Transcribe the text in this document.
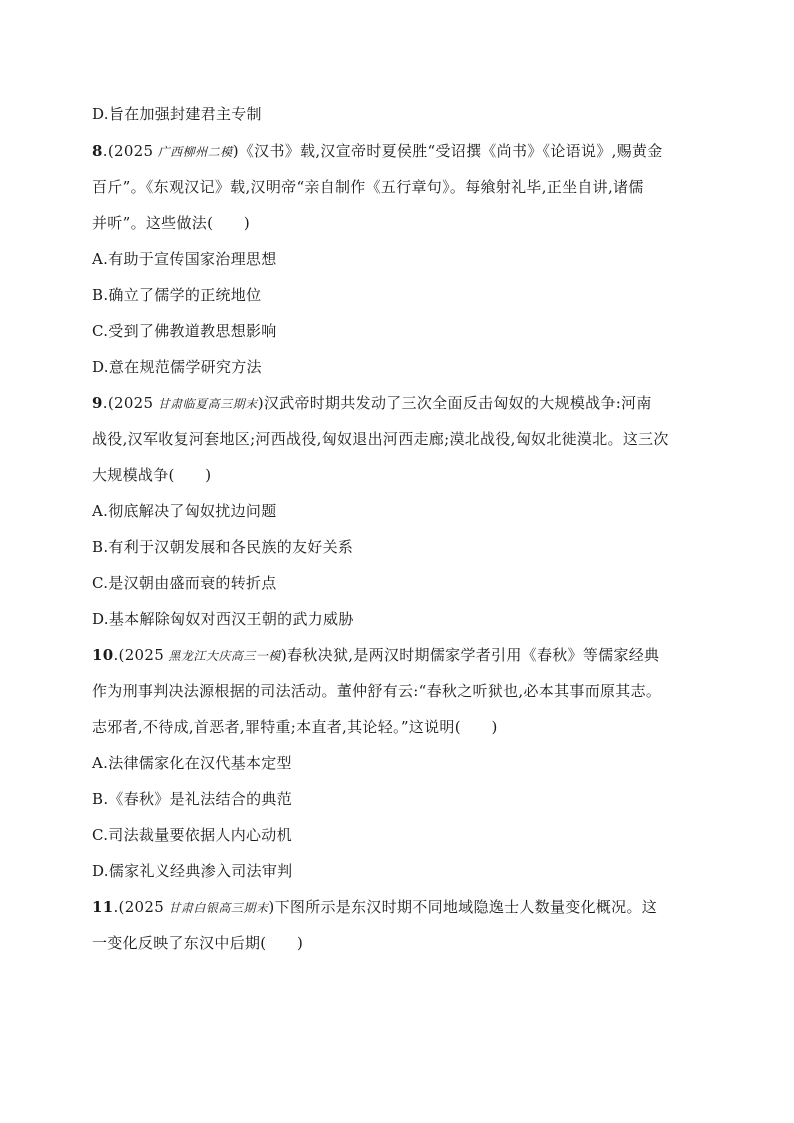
D.旨在加强封建君主专制
8.(2025 广西柳州二模)《汉书》载,汉宣帝时夏侯胜“受诏撰《尚书》《论语说》,赐黄金
百斤”。《东观汉记》载,汉明帝“亲自制作《五行章句》。每飨射礼毕,正坐自讲,诸儒
并听”。这些做法(　　)
A.有助于宣传国家治理思想
B.确立了儒学的正统地位
C.受到了佛教道教思想影响
D.意在规范儒学研究方法
9.(2025 甘肃临夏高三期末)汉武帝时期共发动了三次全面反击匈奴的大规模战争:河南
战役,汉军收复河套地区;河西战役,匈奴退出河西走廊;漠北战役,匈奴北徙漠北。这三次
大规模战争(　　)
A.彻底解决了匈奴扰边问题
B.有利于汉朝发展和各民族的友好关系
C.是汉朝由盛而衰的转折点
D.基本解除匈奴对西汉王朝的武力威胁
10.(2025 黑龙江大庆高三一模)春秋决狱,是两汉时期儒家学者引用《春秋》等儒家经典
作为刑事判决法源根据的司法活动。董仲舒有云:“春秋之听狱也,必本其事而原其志。
志邪者,不待成,首恶者,罪特重;本直者,其论轻。”这说明(　　)
A.法律儒家化在汉代基本定型
B.《春秋》是礼法结合的典范
C.司法裁量要依据人内心动机
D.儒家礼义经典渗入司法审判
11.(2025 甘肃白银高三期末)下图所示是东汉时期不同地域隐逸士人数量变化概况。这
一变化反映了东汉中后期(　　)
